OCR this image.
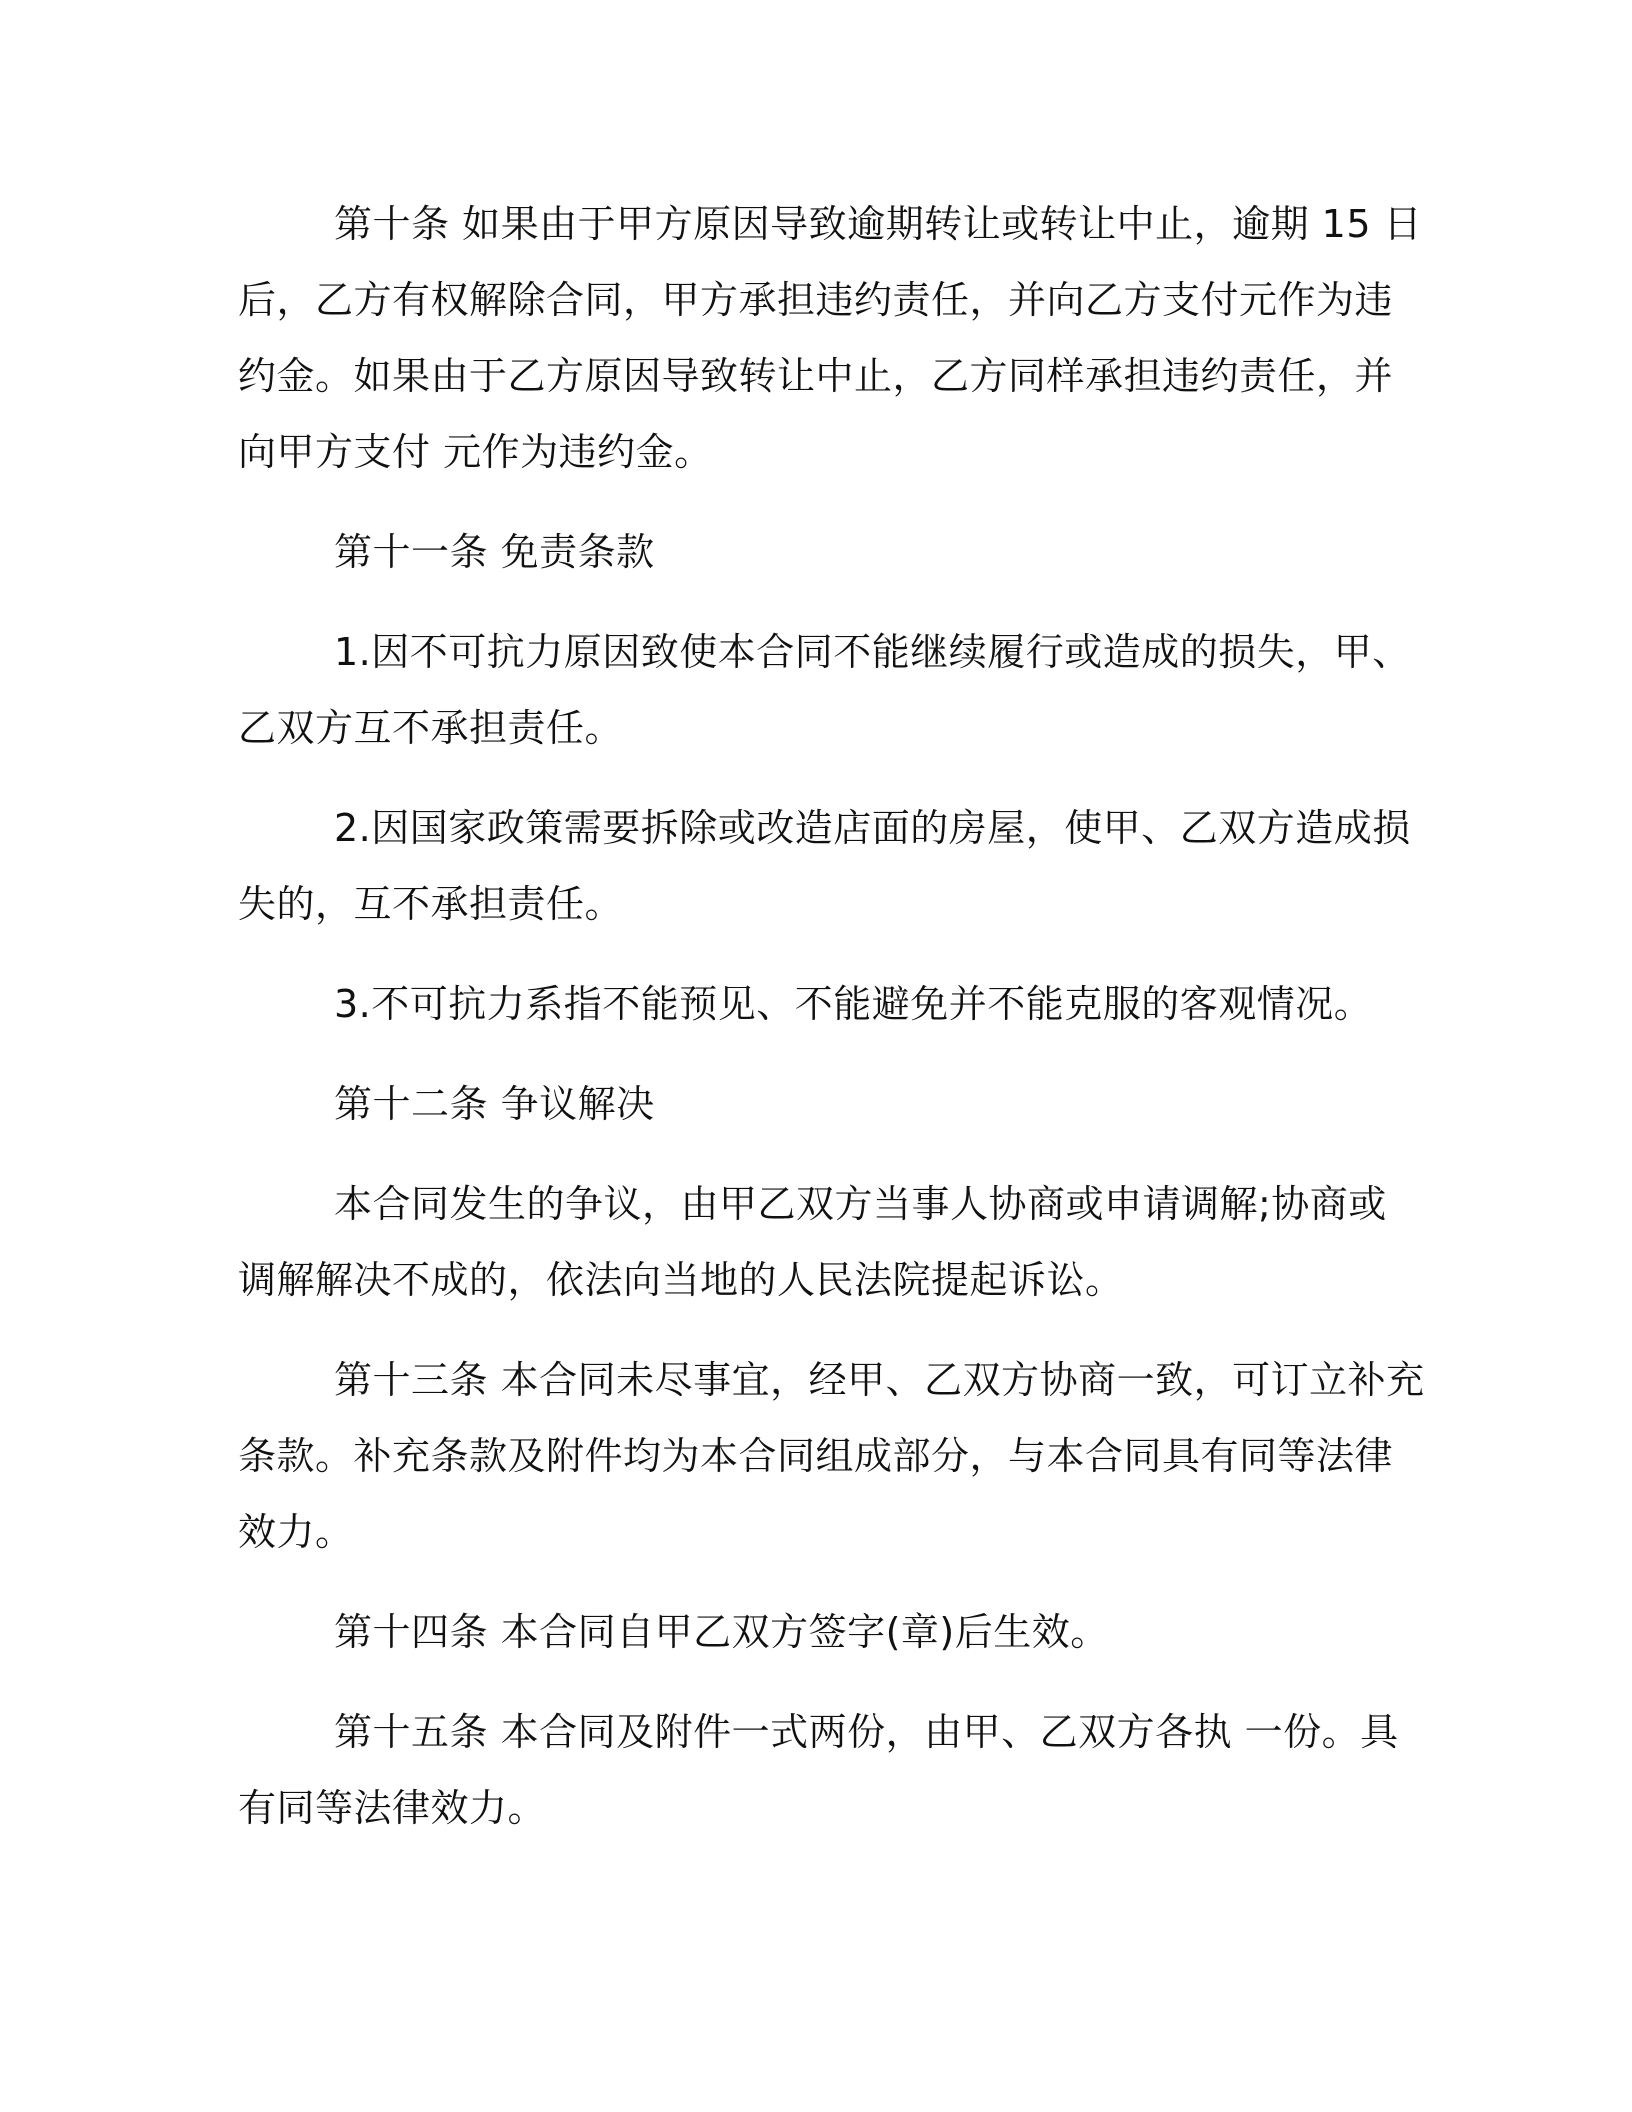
第十条 如果由于甲方原因导致逾期转让或转让中止，逾期 15 日
后，乙方有权解除合同，甲方承担违约责任，并向乙方支付元作为违
约金。如果由于乙方原因导致转让中止，乙方同样承担违约责任，并
向甲方支付 元作为违约金。

第十一条 免责条款

1.因不可抗力原因致使本合同不能继续履行或造成的损失，甲、
乙双方互不承担责任。

2.因国家政策需要拆除或改造店面的房屋，使甲、乙双方造成损
失的，互不承担责任。

3.不可抗力系指不能预见、不能避免并不能克服的客观情况。

第十二条 争议解决

本合同发生的争议，由甲乙双方当事人协商或申请调解;协商或
调解解决不成的，依法向当地的人民法院提起诉讼。

第十三条 本合同未尽事宜，经甲、乙双方协商一致，可订立补充
条款。补充条款及附件均为本合同组成部分，与本合同具有同等法律
效力。

第十四条 本合同自甲乙双方签字(章)后生效。

第十五条 本合同及附件一式两份，由甲、乙双方各执 一份。具
有同等法律效力。
